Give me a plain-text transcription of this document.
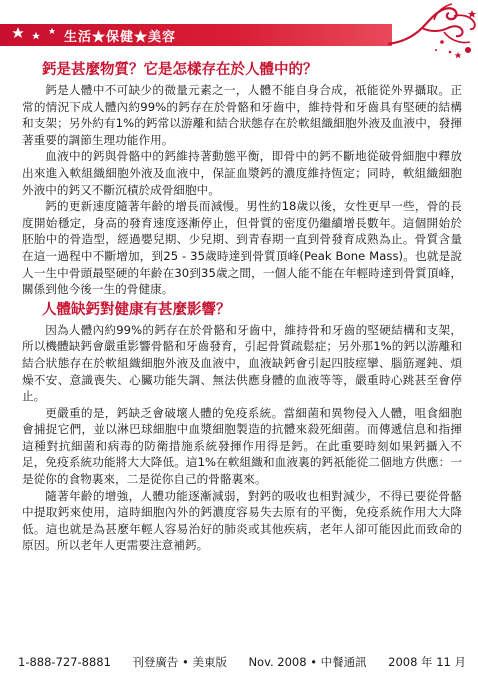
生活★保健★美容
鈣是甚麼物質？它是怎樣存在於人體中的？

鈣是人體中不可缺少的微量元素之一，人體不能自身合成，祇能從外界攝取。正常的情況下成人體內約99%的鈣存在於骨骼和牙齒中，維持骨和牙齒具有堅硬的結構和支架；另外約有1%的鈣常以游離和結合狀態存在於軟組織細胞外液及血液中，發揮著重要的調節生理功能作用。

血液中的鈣與骨骼中的鈣維持著動態平衡，即骨中的鈣不斷地從破骨細胞中釋放出來進入軟組織細胞外液及血液中，保証血漿鈣的濃度維持恆定；同時，軟組織細胞外液中的鈣又不斷沉積於成骨細胞中。

鈣的更新速度隨著年齡的增長而減慢。男性約18歲以後，女性更早一些，骨的長度開始穩定，身高的發育速度逐漸停止，但骨質的密度仍繼續增長數年。這個開始於胚胎中的骨造型，經過嬰兒期、少兒期、到青春期一直到骨發育成熟為止。骨質含量在這一過程中不斷增加，到25 - 35歲時達到骨質頂峰(Peak Bone Mass)。也就是說人一生中骨頭最堅硬的年齡在30到35歲之間，一個人能不能在年輕時達到骨質頂峰，關係到他今後一生的骨健康。

人體缺鈣對健康有甚麼影響？

因為人體內約99%的鈣存在於骨骼和牙齒中，維持骨和牙齒的堅硬結構和支架，所以機體缺鈣會嚴重影響骨骼和牙齒發育，引起骨質疏鬆症；另外那1%的鈣以游離和結合狀態存在於軟組織細胞外液及血液中，血液缺鈣會引起四肢痙攣、腦筋遲鈍、煩燥不安、意識喪失、心臟功能失調、無法供應身體的血液等等，嚴重時心跳甚至會停止。

更嚴重的是，鈣缺乏會破壞人體的免疫系統。當細菌和異物侵入人體，咀食細胞會捕捉它們，並以淋巴球細胞中血漿細胞製造的抗體來殺死細菌。而傳遞信息和指揮這種對抗細菌和病毒的防衛措施系統發揮作用得是鈣。在此重要時刻如果鈣攝入不足，免疫系統功能將大大降低。這1%在軟組織和血液裏的鈣祇能從二個地方供應：一是從你的食物裏來，二是從你自己的骨骼裏來。

隨著年齡的增強，人體功能逐漸減弱，對鈣的吸收也相對減少，不得已要從骨骼中提取鈣來使用，這時細胞內外的鈣濃度容易失去原有的平衡，免疫系統作用大大降低。這也就是為甚麼年輕人容易治好的肺炎或其他疾病，老年人卻可能因此而致命的原因。所以老年人更需要注意補鈣。

1-888-727-8881 刊登廣告 • 美東版 Nov. 2008 • 中餐通訊 2008 年 11 月
